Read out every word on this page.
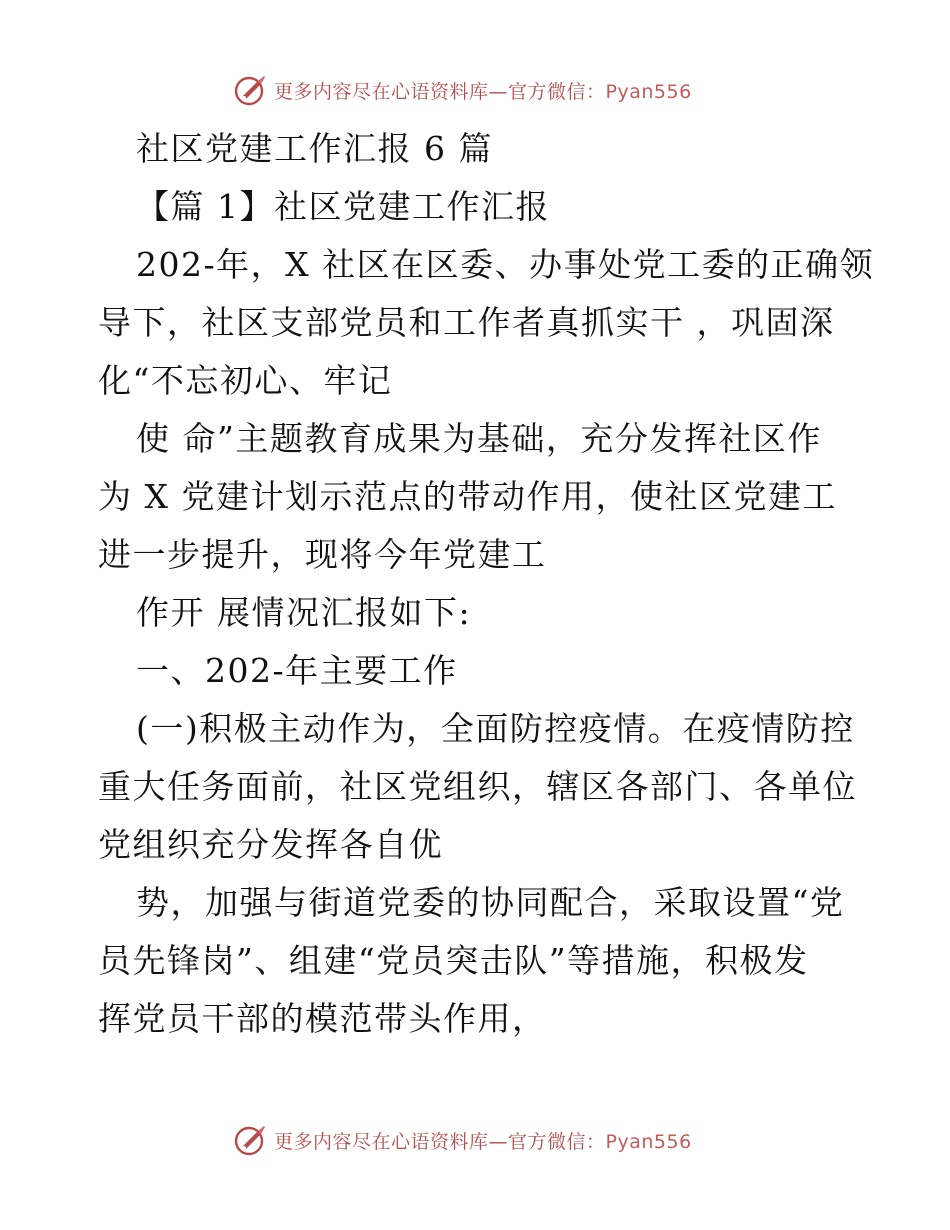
更多内容尽在心语资料库—官方微信：Pyan556
社区党建工作汇报 6 篇
【篇 1】社区党建工作汇报
202-年，X 社区在区委、办事处党工委的正确领
导下，社区支部党员和工作者真抓实干 ，巩固深
化“不忘初心、牢记
使 命”主题教育成果为基础，充分发挥社区作
为 X 党建计划示范点的带动作用，使社区党建工
进一步提升，现将今年党建工
作开 展情况汇报如下:
一、202-年主要工作
(一)积极主动作为，全面防控疫情。在疫情防控
重大任务面前，社区党组织，辖区各部门、各单位
党组织充分发挥各自优
势，加强与街道党委的协同配合，采取设置“党
员先锋岗”、组建“党员突击队”等措施，积极发
挥党员干部的模范带头作用，
更多内容尽在心语资料库—官方微信：Pyan556
